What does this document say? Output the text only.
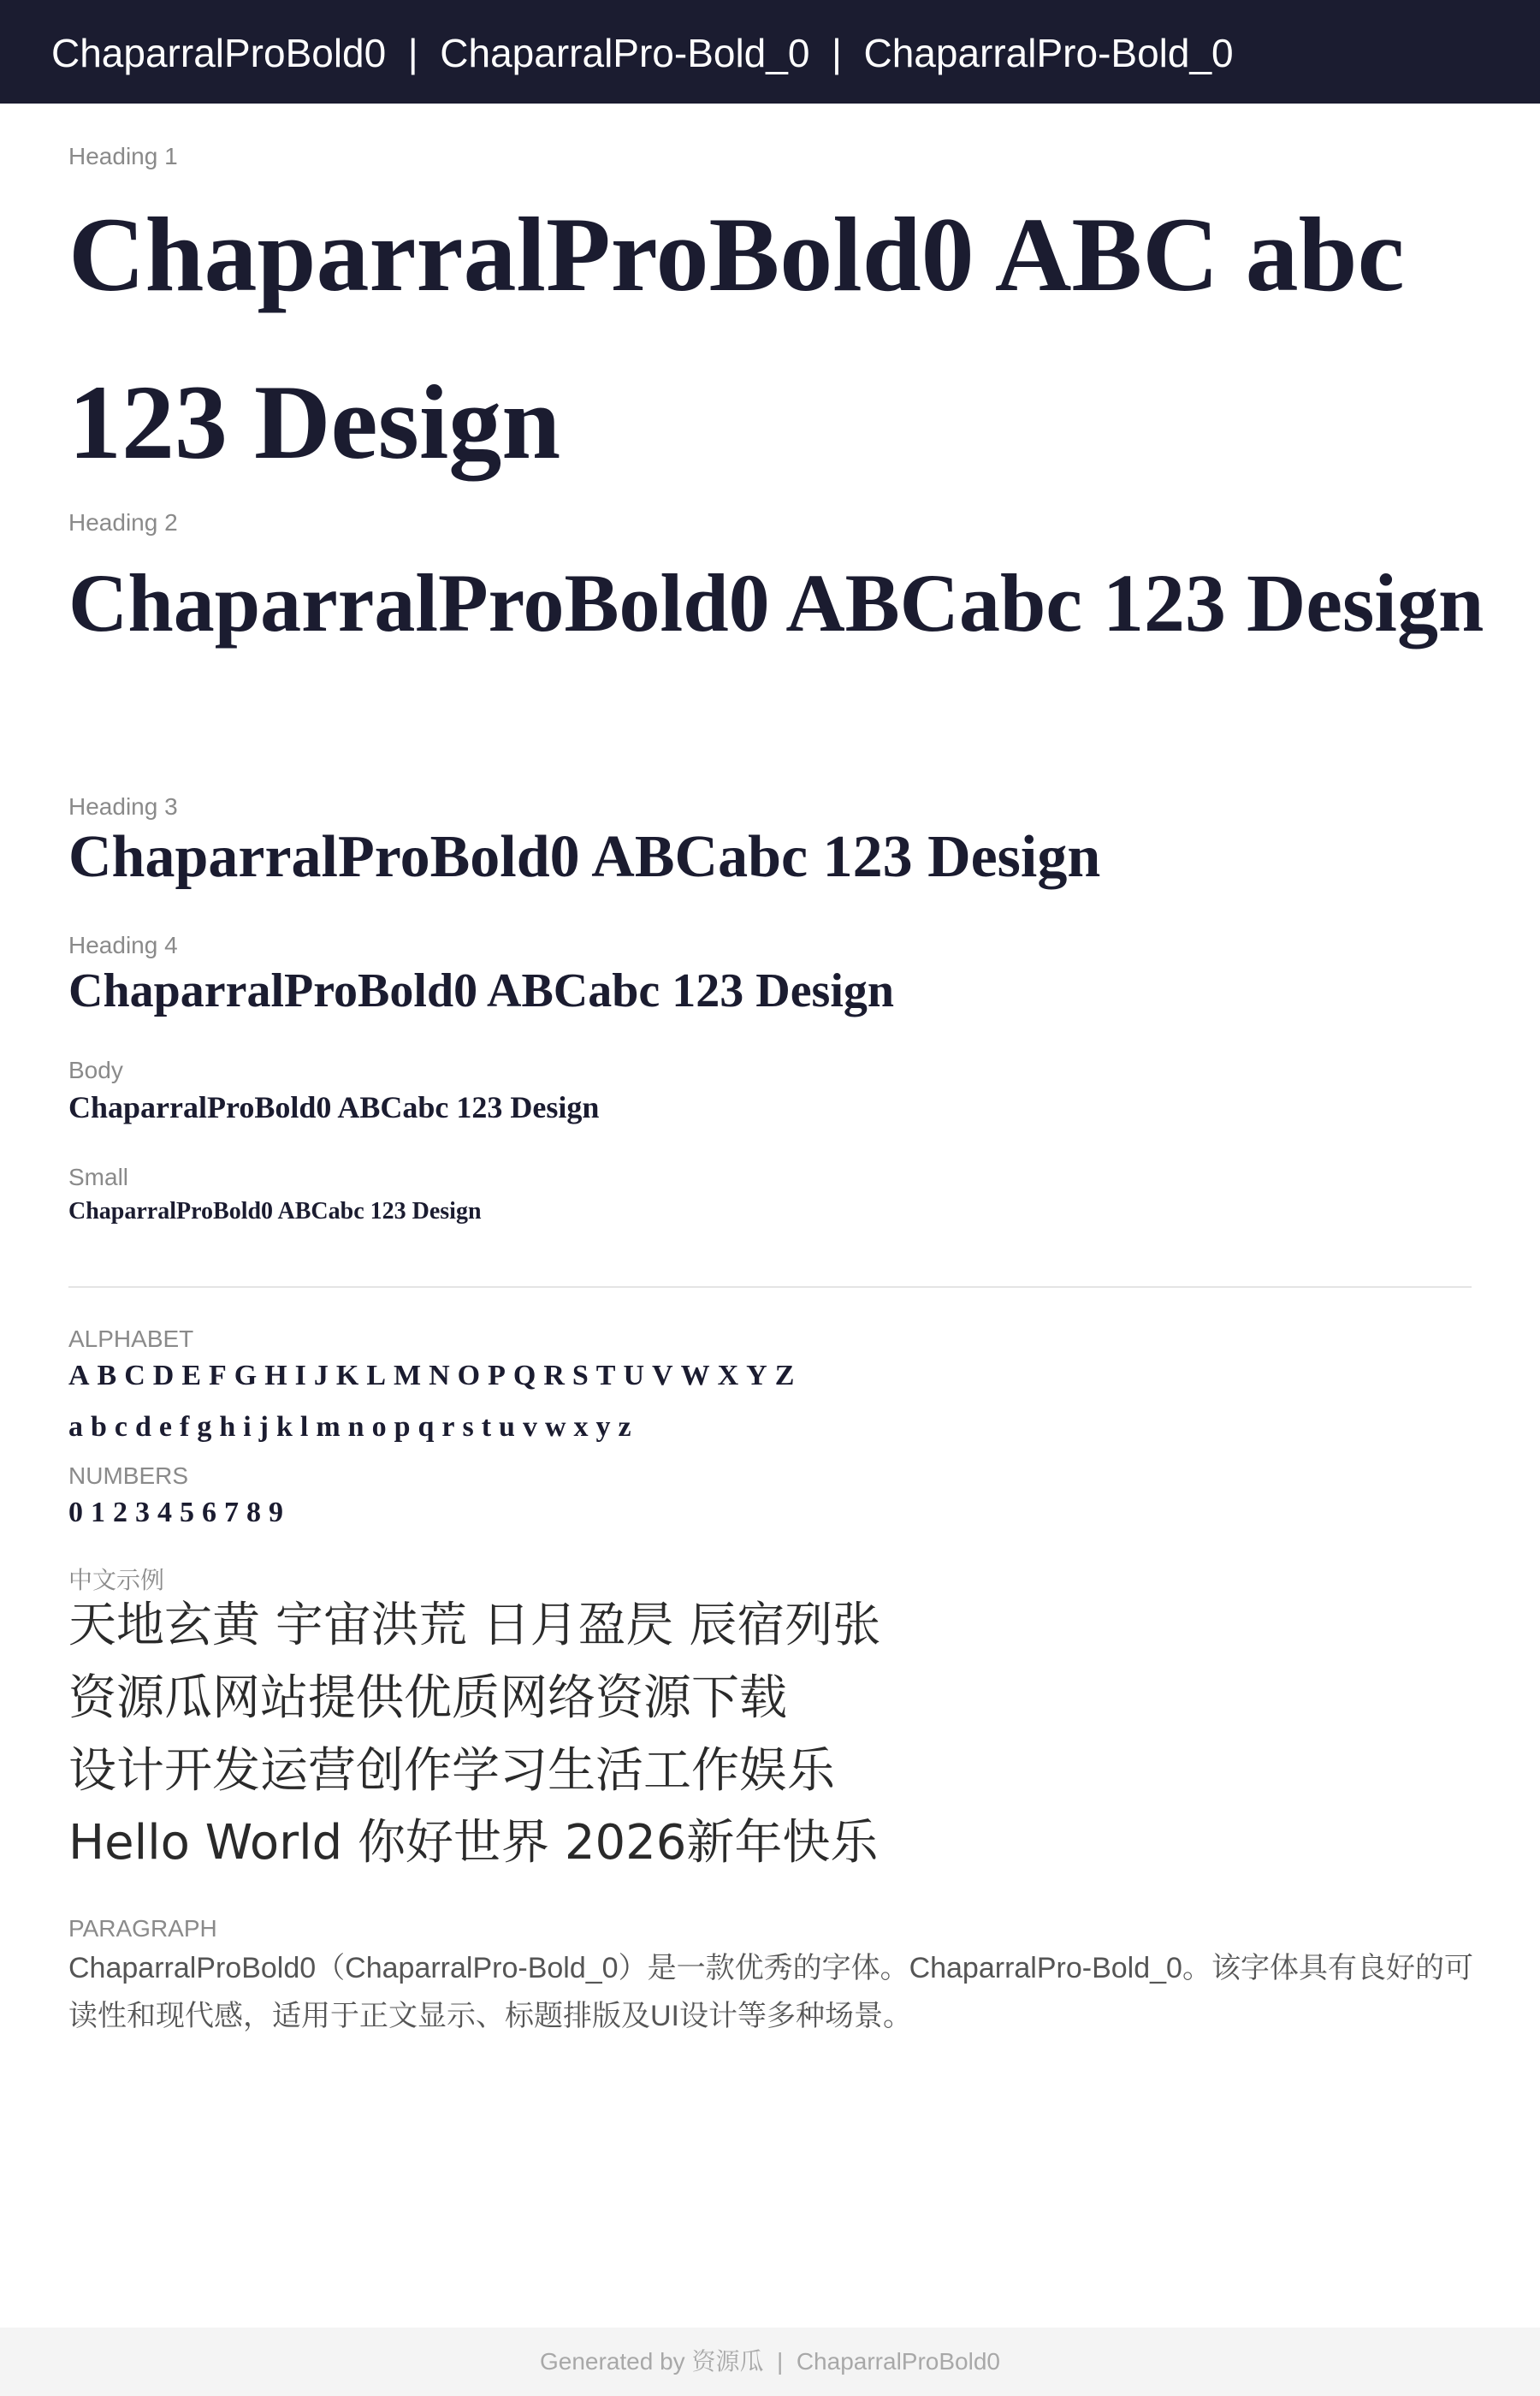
ChaparralProBold0  |  ChaparralPro-Bold_0  |  ChaparralPro-Bold_0
Heading 1
ChaparralProBold0 ABC abc 123 Design
Heading 2
ChaparralProBold0 ABCabc 123 Design
Heading 3
ChaparralProBold0 ABCabc 123 Design
Heading 4
ChaparralProBold0 ABCabc 123 Design
Body
ChaparralProBold0 ABCabc 123 Design
Small
ChaparralProBold0 ABCabc 123 Design
ALPHABET
ABCDEFGHIJKLMNOPQRSTUVWXYZ
abcdefghijklmnopqrstuvwxyz
NUMBERS
0123456789
中文示例
天地玄黄 宇宙洪荒 日月盈昃 辰宿列张
资源瓜网站提供优质网络资源下载
设计开发运营创作学习生活工作娱乐
Hello World 你好世界 2026新年快乐
PARAGRAPH
ChaparralProBold0（ChaparralPro-Bold_0）是一款优秀的字体。ChaparralPro-Bold_0。该字体具有良好的可读性和现代感，适用于正文显示、标题排版及UI设计等多种场景。
Generated by 资源瓜  |  ChaparralProBold0
